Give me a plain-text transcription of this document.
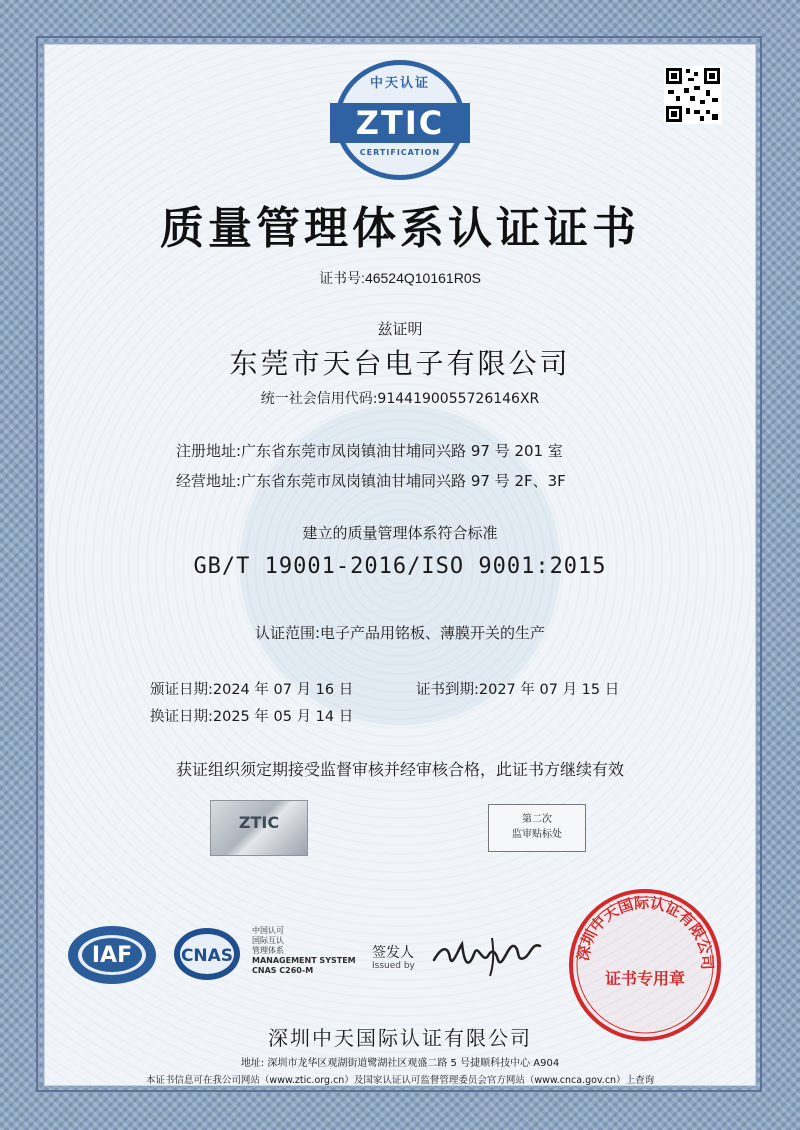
中天认证
ZTIC
CERTIFICATION
质量管理体系认证证书
证书号:46524Q10161R0S
兹证明
东莞市天台电子有限公司
统一社会信用代码:9144190055726146XR
注册地址:广东省东莞市凤岗镇油甘埔同兴路 97 号 201 室
经营地址:广东省东莞市凤岗镇油甘埔同兴路 97 号 2F、3F
建立的质量管理体系符合标准
GB/T 19001-2016/ISO 9001:2015
认证范围:电子产品用铭板、薄膜开关的生产
颁证日期:2024 年 07 月 16 日	证书到期:2027 年 07 月 15 日
换证日期:2025 年 05 月 14 日
获证组织须定期接受监督审核并经审核合格，此证书方继续有效
ZTIC	第二次
监审贴标处
IAF	CNAS
中国认可
国际互认
管理体系
MANAGEMENT SYSTEM
CNAS C260-M
签发人
Issued by
深圳中天国际认证有限公司
证书专用章
深圳中天国际认证有限公司
地址: 深圳市龙华区观湖街道鹭湖社区观盛二路 5 号捷顺科技中心 A904
本证书信息可在我公司网站（www.ztic.org.cn）及国家认证认可监督管理委员会官方网站（www.cnca.gov.cn）上查询
